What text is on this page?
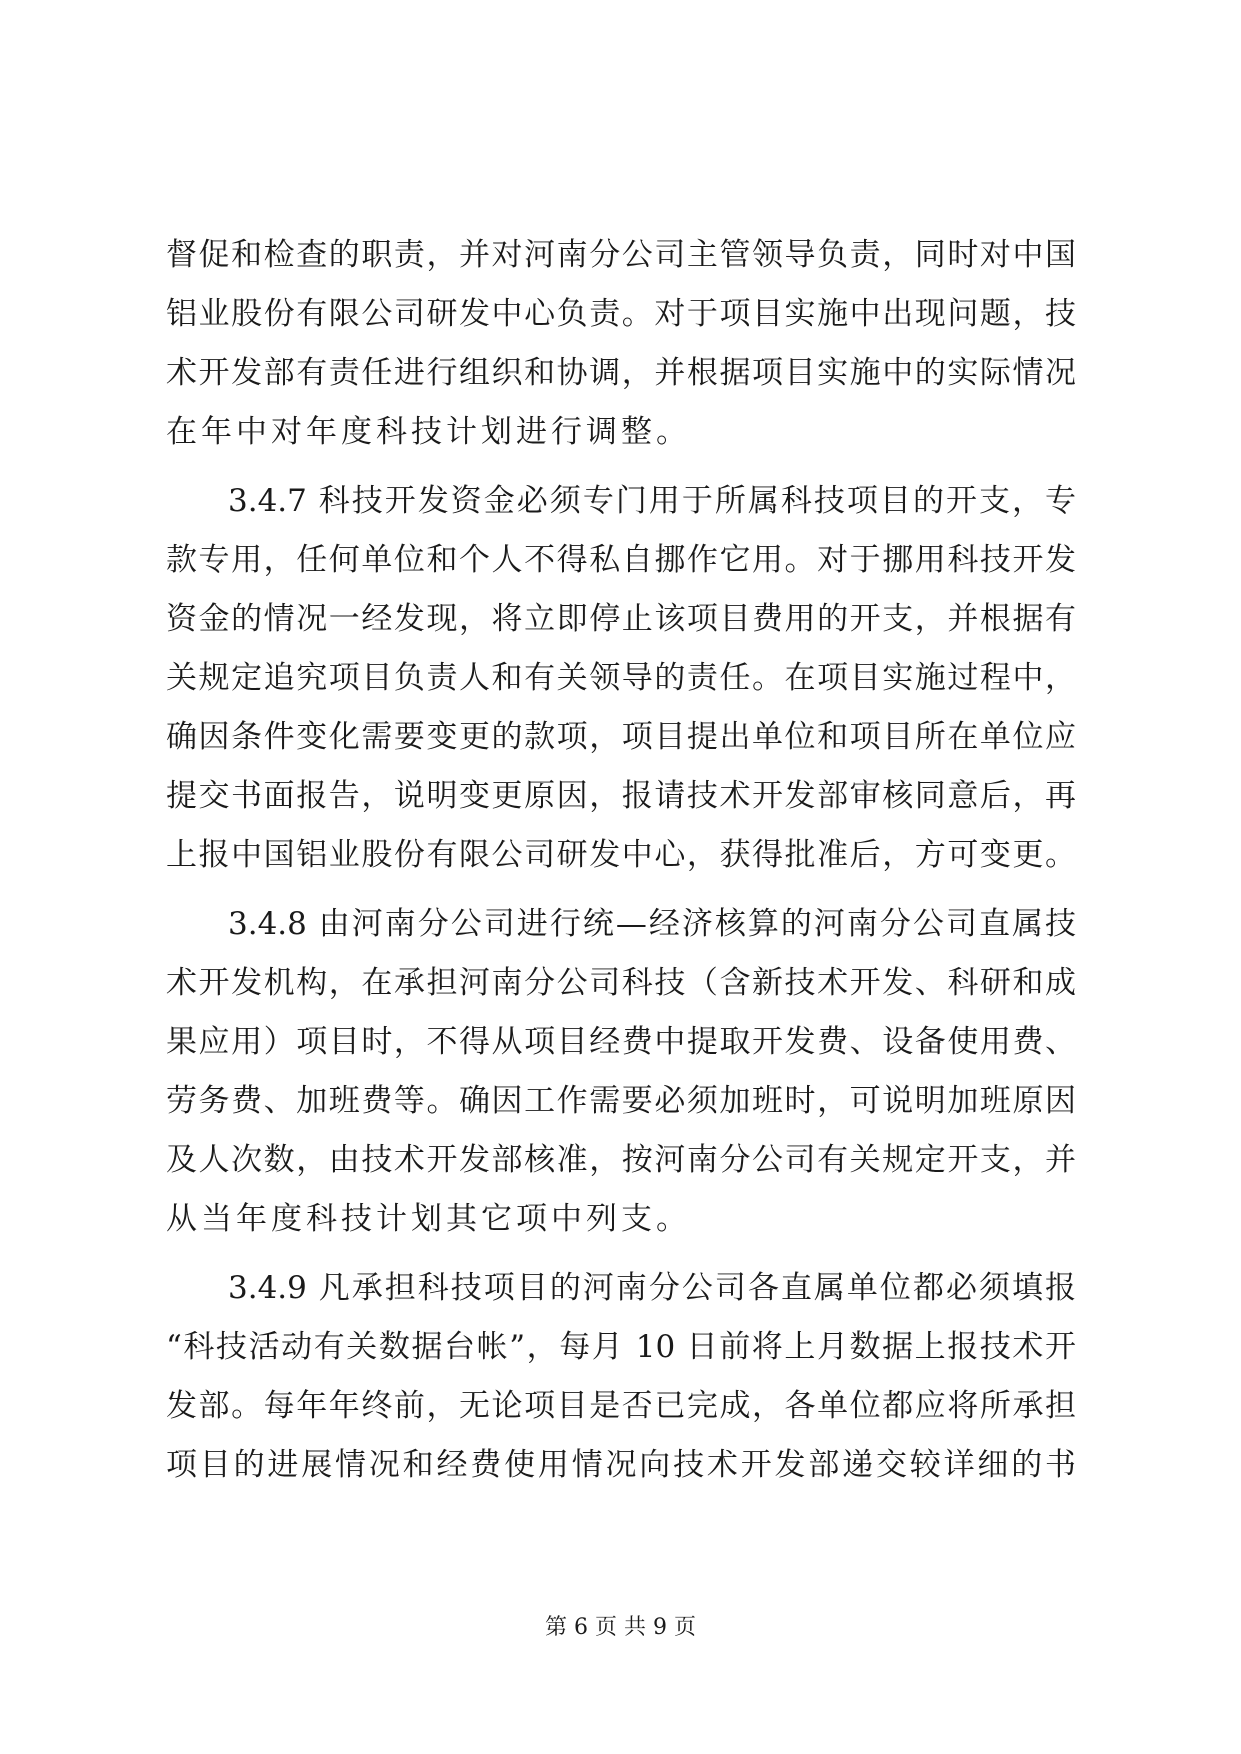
督促和检查的职责，并对河南分公司主管领导负责，同时对中国
铝业股份有限公司研发中心负责。对于项目实施中出现问题，技
术开发部有责任进行组织和协调，并根据项目实施中的实际情况
在年中对年度科技计划进行调整。
3.4.7 科技开发资金必须专门用于所属科技项目的开支，专
款专用，任何单位和个人不得私自挪作它用。对于挪用科技开发
资金的情况一经发现，将立即停止该项目费用的开支，并根据有
关规定追究项目负责人和有关领导的责任。在项目实施过程中，
确因条件变化需要变更的款项，项目提出单位和项目所在单位应
提交书面报告，说明变更原因，报请技术开发部审核同意后，再
上报中国铝业股份有限公司研发中心，获得批准后，方可变更。
3.4.8 由河南分公司进行统—经济核算的河南分公司直属技
术开发机构，在承担河南分公司科技（含新技术开发、科研和成
果应用）项目时，不得从项目经费中提取开发费、设备使用费、
劳务费、加班费等。确因工作需要必须加班时，可说明加班原因
及人次数，由技术开发部核准，按河南分公司有关规定开支，并
从当年度科技计划其它项中列支。
3.4.9 凡承担科技项目的河南分公司各直属单位都必须填报
“科技活动有关数据台帐”，每月 10 日前将上月数据上报技术开
发部。每年年终前，无论项目是否已完成，各单位都应将所承担
项目的进展情况和经费使用情况向技术开发部递交较详细的书
第 6 页 共 9 页
